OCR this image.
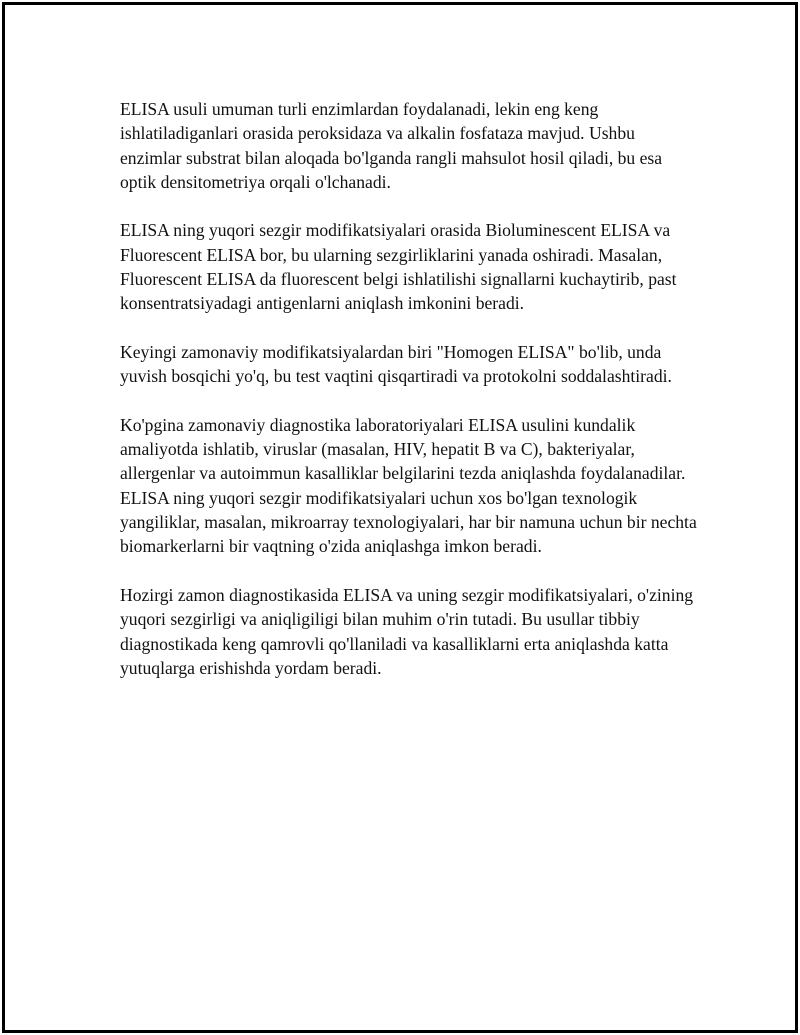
ELISA usuli umuman turli enzimlardan foydalanadi, lekin eng keng ishlatiladiganlari orasida peroksidaza va alkalin fosfataza mavjud. Ushbu enzimlar substrat bilan aloqada bo'lganda rangli mahsulot hosil qiladi, bu esa optik densitometriya orqali o'lchanadi.

ELISA ning yuqori sezgir modifikatsiyalari orasida Bioluminescent ELISA va Fluorescent ELISA bor, bu ularning sezgirliklarini yanada oshiradi. Masalan, Fluorescent ELISA da fluorescent belgi ishlatilishi signallarni kuchaytirib, past konsentratsiyadagi antigenlarni aniqlash imkonini beradi.

Keyingi zamonaviy modifikatsiyalardan biri "Homogen ELISA" bo'lib, unda yuvish bosqichi yo'q, bu test vaqtini qisqartiradi va protokolni soddalashtiradi.

Ko'pgina zamonaviy diagnostika laboratoriyalari ELISA usulini kundalik amaliyotda ishlatib, viruslar (masalan, HIV, hepatit B va C), bakteriyalar, allergenlar va autoimmun kasalliklar belgilarini tezda aniqlashda foydalanadilar. ELISA ning yuqori sezgir modifikatsiyalari uchun xos bo'lgan texnologik yangiliklar, masalan, mikroarray texnologiyalari, har bir namuna uchun bir nechta biomarkerlarni bir vaqtning o'zida aniqlashga imkon beradi.

Hozirgi zamon diagnostikasida ELISA va uning sezgir modifikatsiyalari, o'zining yuqori sezgirligi va aniqligiligi bilan muhim o'rin tutadi. Bu usullar tibbiy diagnostikada keng qamrovli qo'llaniladi va kasalliklarni erta aniqlashda katta yutuqlarga erishishda yordam beradi.
